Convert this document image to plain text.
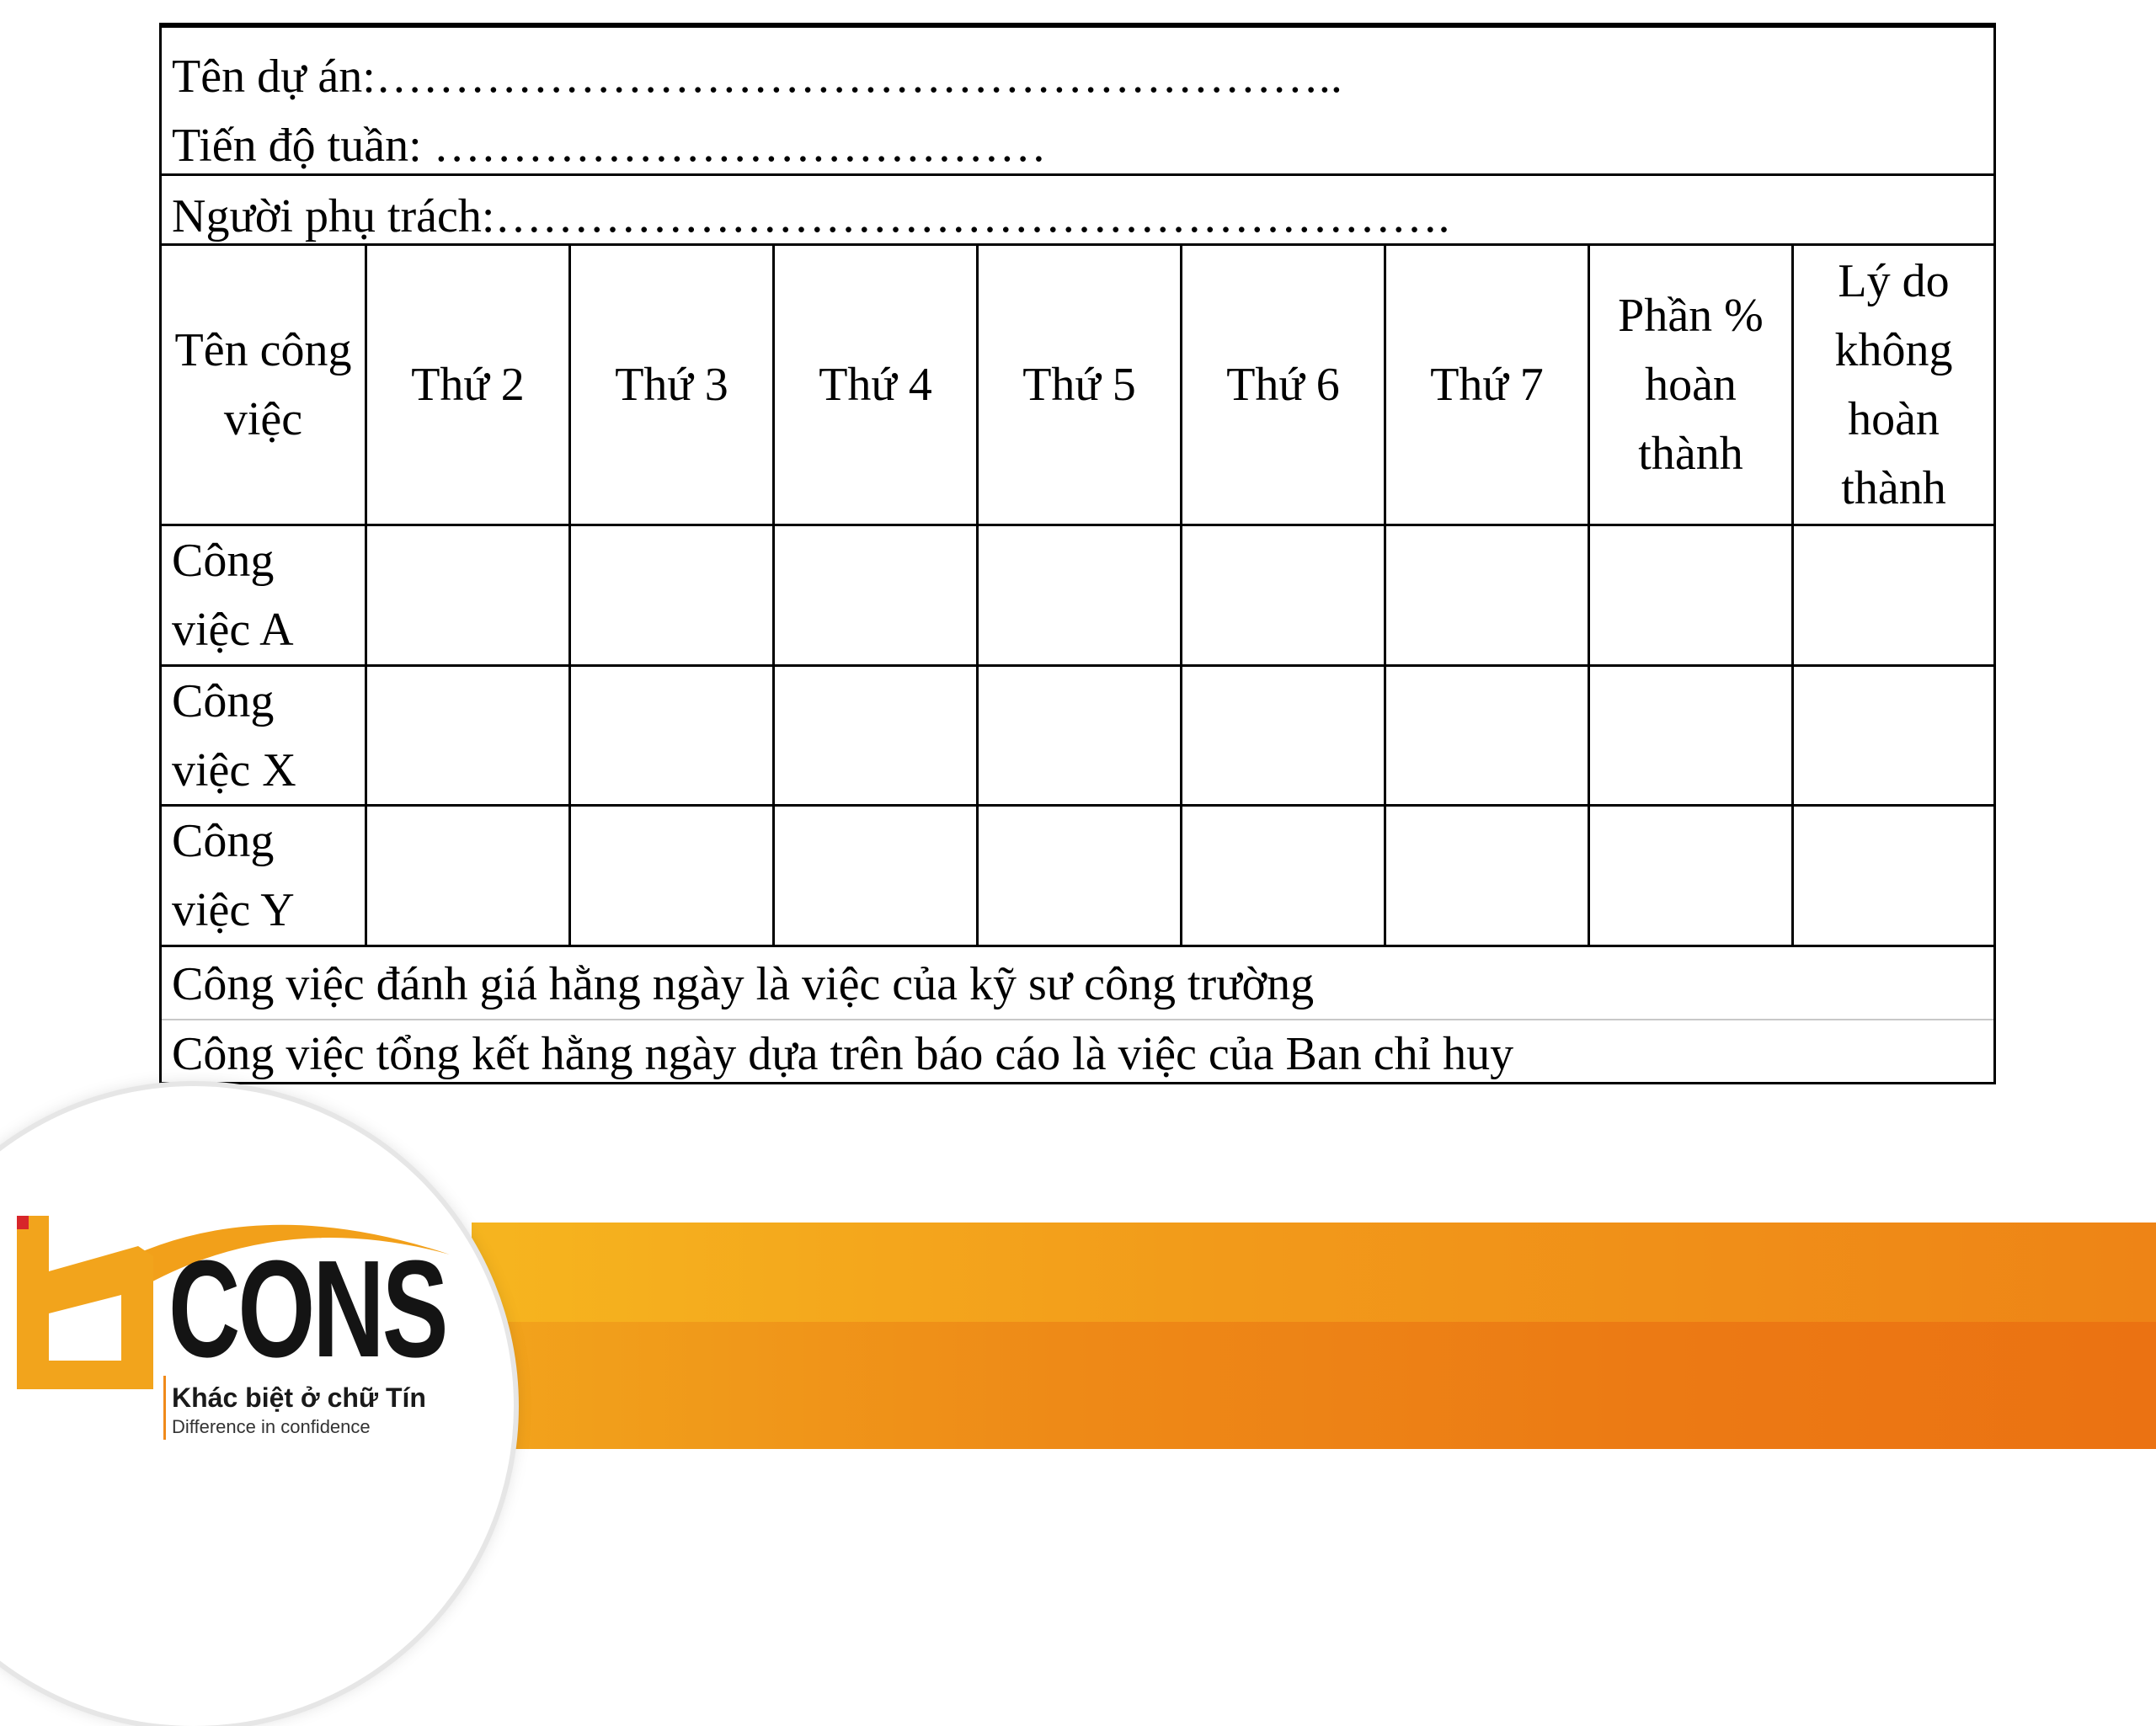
Tên dự án:……………………………………………………..
Tiến độ tuần: …………………………………
Người phụ trách:…………………………………………………….
Tên công
việc
Thứ 2 Thứ 3 Thứ 4 Thứ 5 Thứ 6 Thứ 7
Phần %
hoàn
thành
Lý do
không
hoàn
thành
Công
việc A
Công
việc X
Công
việc Y
Công việc đánh giá hằng ngày là việc của kỹ sư công trường
Công việc tổng kết hằng ngày dựa trên báo cáo là việc của Ban chỉ huy
CONS
Khác biệt ở chữ Tín
Difference in confidence
